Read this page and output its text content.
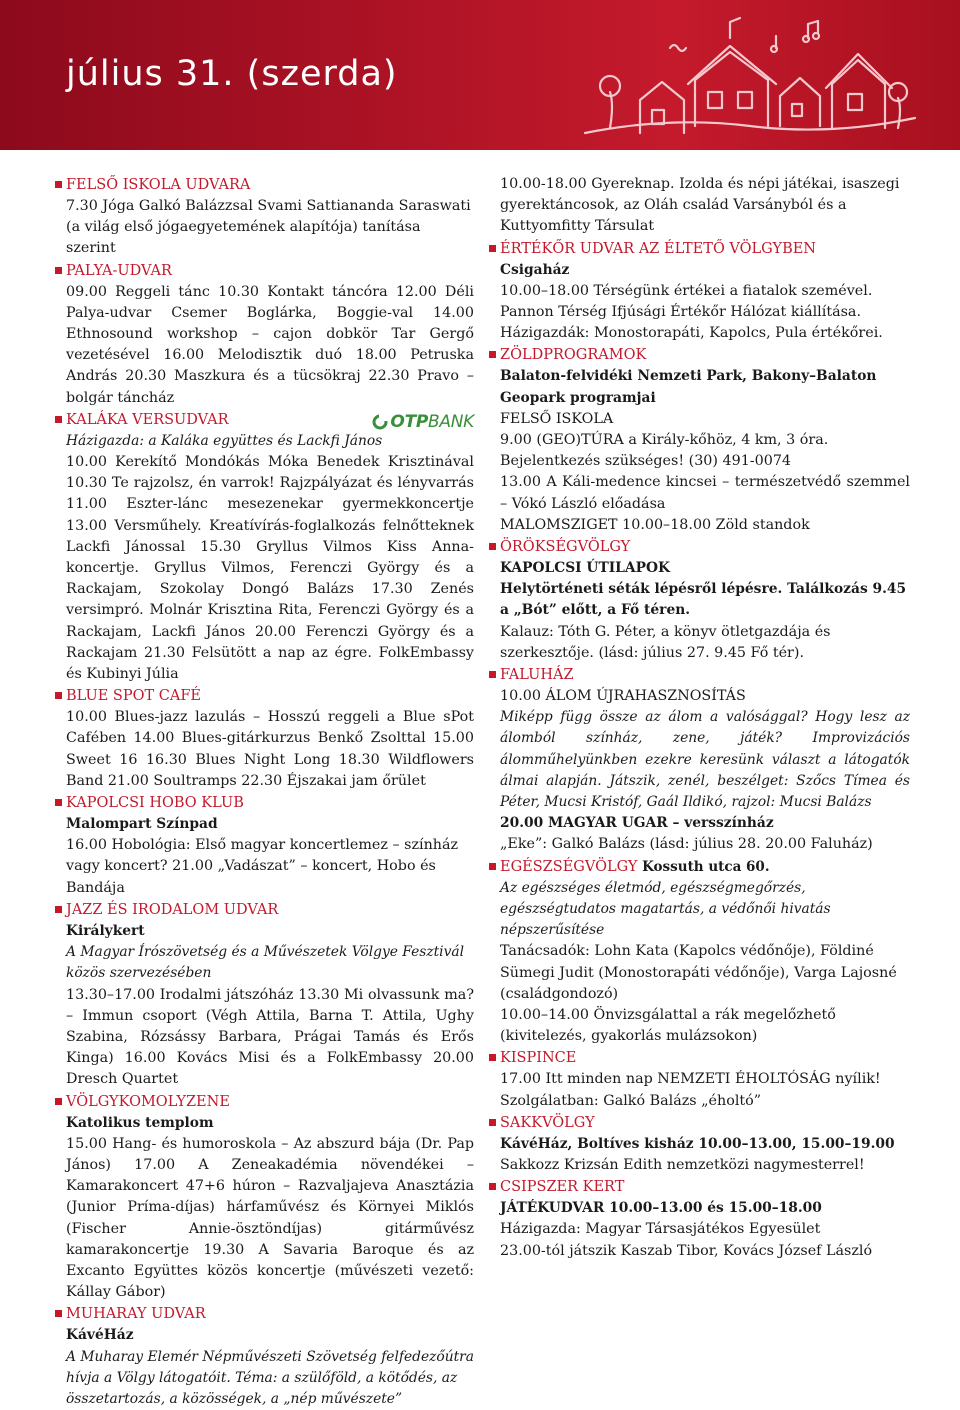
július 31. (szerda)

FELSŐ ISKOLA UDVARA

7.30 Jóga Galkó Balázzsal Svami Sattiananda Saraswati (a világ első jógaegyetemének alapítója) tanítása szerint

PALYA-UDVAR

09.00 Reggeli tánc 10.30 Kontakt táncóra 12.00 Déli Palya-udvar Csemer Boglárka, Boggie-val 14.00 Ethnosound workshop – cajon dobkör Tar Gergő vezetésével 16.00 Melodisztik duó 18.00 Petruska András 20.30 Maszkura és a tücsökraj 22.30 Pravo – bolgár táncház

KALÁKA VERSUDVAR	OTPBANK

Házigazda: a Kaláka együttes és Lackfi János

10.00 Kerekítő Mondókás Móka Benedek Krisztinával 10.30 Te rajzolsz, én varrok! Rajzpályázat és lényvarrás 11.00 Eszter-lánc mesezenekar gyermekkoncertje 13.00 Versműhely. Kreatívírás-foglalkozás felnőtteknek Lackfi Jánossal 15.30 Gryllus Vilmos Kiss Anna-koncertje. Gryllus Vilmos, Ferenczi György és a Rackajam, Szokolay Dongó Balázs 17.30 Zenés versimpró. Molnár Krisztina Rita, Ferenczi György és a Rackajam, Lackfi János 20.00 Ferenczi György és a Rackajam 21.30 Felsütött a nap az égre. FolkEmbassy és Kubinyi Júlia

BLUE SPOT CAFÉ

10.00 Blues-jazz lazulás – Hosszú reggeli a Blue sPot Cafében 14.00 Blues-gitárkurzus Benkő Zsolttal 15.00 Sweet 16 16.30 Blues Night Long 18.30 Wildflowers Band 21.00 Soultramps 22.30 Éjszakai jam őrület

KAPOLCSI HOBO KLUB

Malompart Színpad

16.00 Hobológia: Első magyar koncertlemez – színház vagy koncert? 21.00 „Vadászat” – koncert, Hobo és Bandája

JAZZ ÉS IRODALOM UDVAR

Királykert

A Magyar Írószövetség és a Művészetek Völgye Fesztivál közös szervezésében

13.30–17.00 Irodalmi játszóház 13.30 Mi olvassunk ma? – Immun csoport (Végh Attila, Barna T. Attila, Ughy Szabina, Rózsássy Barbara, Prágai Tamás és Erős Kinga) 16.00 Kovács Misi és a FolkEmbassy 20.00 Dresch Quartet

VÖLGYKOMOLYZENE

Katolikus templom

15.00 Hang- és humoroskola – Az abszurd bája (Dr. Pap János) 17.00 A Zeneakadémia növendékei – Kamarakoncert 47+6 húron – Razvaljajeva Anasztázia (Junior Príma-díjas) hárfaművész és Környei Miklós (Fischer Annie-ösztöndíjas) gitárművész kamarakoncertje 19.30 A Savaria Baroque és az Excanto Együttes közös koncertje (művészeti vezető: Kállay Gábor)

MUHARAY UDVAR

KávéHáz

A Muharay Elemér Népművészeti Szövetség felfedezőútra hívja a Völgy látogatóit. Téma: a szülőföld, a kötődés, az összetartozás, a közösségek, a „nép művészete”

10.00-18.00 Gyereknap. Izolda és népi játékai, isaszegi gyerektáncosok, az Oláh család Varsányból és a Kuttyomfitty Társulat

ÉRTÉKŐR UDVAR AZ ÉLTETŐ VÖLGYBEN

Csigaház

10.00–18.00 Térségünk értékei a fiatalok szemével. Pannon Térség Ifjúsági Értékőr Hálózat kiállítása. Házigazdák: Monostorapáti, Kapolcs, Pula értékőrei.

ZÖLDPROGRAMOK

Balaton-felvidéki Nemzeti Park, Bakony–Balaton Geopark programjai

FELSŐ ISKOLA

9.00 (GEO)TÚRA a Király-kőhöz, 4 km, 3 óra. Bejelentkezés szükséges! (30) 491-0074

13.00 A Káli-medence kincsei – természetvédő szemmel – Vókó László előadása

MALOMSZIGET 10.00–18.00 Zöld standok

ÖRÖKSÉGVÖLGY

KAPOLCSI ÚTILAPOK

Helytörténeti séták lépésről lépésre. Találkozás 9.45 a „Bót” előtt, a Fő téren.

Kalauz: Tóth G. Péter, a könyv ötletgazdája és szerkesztője. (lásd: július 27. 9.45 Fő tér).

FALUHÁZ

10.00 ÁLOM ÚJRAHASZNOSÍTÁS

Miképp függ össze az álom a valósággal? Hogy lesz az álomból színház, zene, játék? Improvizációs álomműhelyünkben ezekre keresünk választ a látogatók álmai alapján. Játszik, zenél, beszélget: Szőcs Tímea és Péter, Mucsi Kristóf, Gaál Ildikó, rajzol: Mucsi Balázs

20.00 MAGYAR UGAR – versszínház

„Eke”: Galkó Balázs (lásd: július 28. 20.00 Faluház)

EGÉSZSÉGVÖLGY Kossuth utca 60.

Az egészséges életmód, egészségmegőrzés, egészségtudatos magatartás, a védőnői hivatás népszerűsítése

Tanácsadók: Lohn Kata (Kapolcs védőnője), Földiné Sümegi Judit (Monostorapáti védőnője), Varga Lajosné (családgondozó)

10.00–14.00 Önvizsgálattal a rák megelőzhető (kivitelezés, gyakorlás mulázsokon)

KISPINCE

17.00 Itt minden nap NEMZETI ÉHOLTÓSÁG nyílik! Szolgálatban: Galkó Balázs „éholtó”

SAKKVÖLGY

KávéHáz, Boltíves kisház 10.00–13.00, 15.00–19.00

Sakkozz Krizsán Edith nemzetközi nagymesterrel!

CSIPSZER KERT

JÁTÉKUDVAR 10.00–13.00 és 15.00–18.00

Házigazda: Magyar Társasjátékos Egyesület

23.00-tól játszik Kaszab Tibor, Kovács József László
